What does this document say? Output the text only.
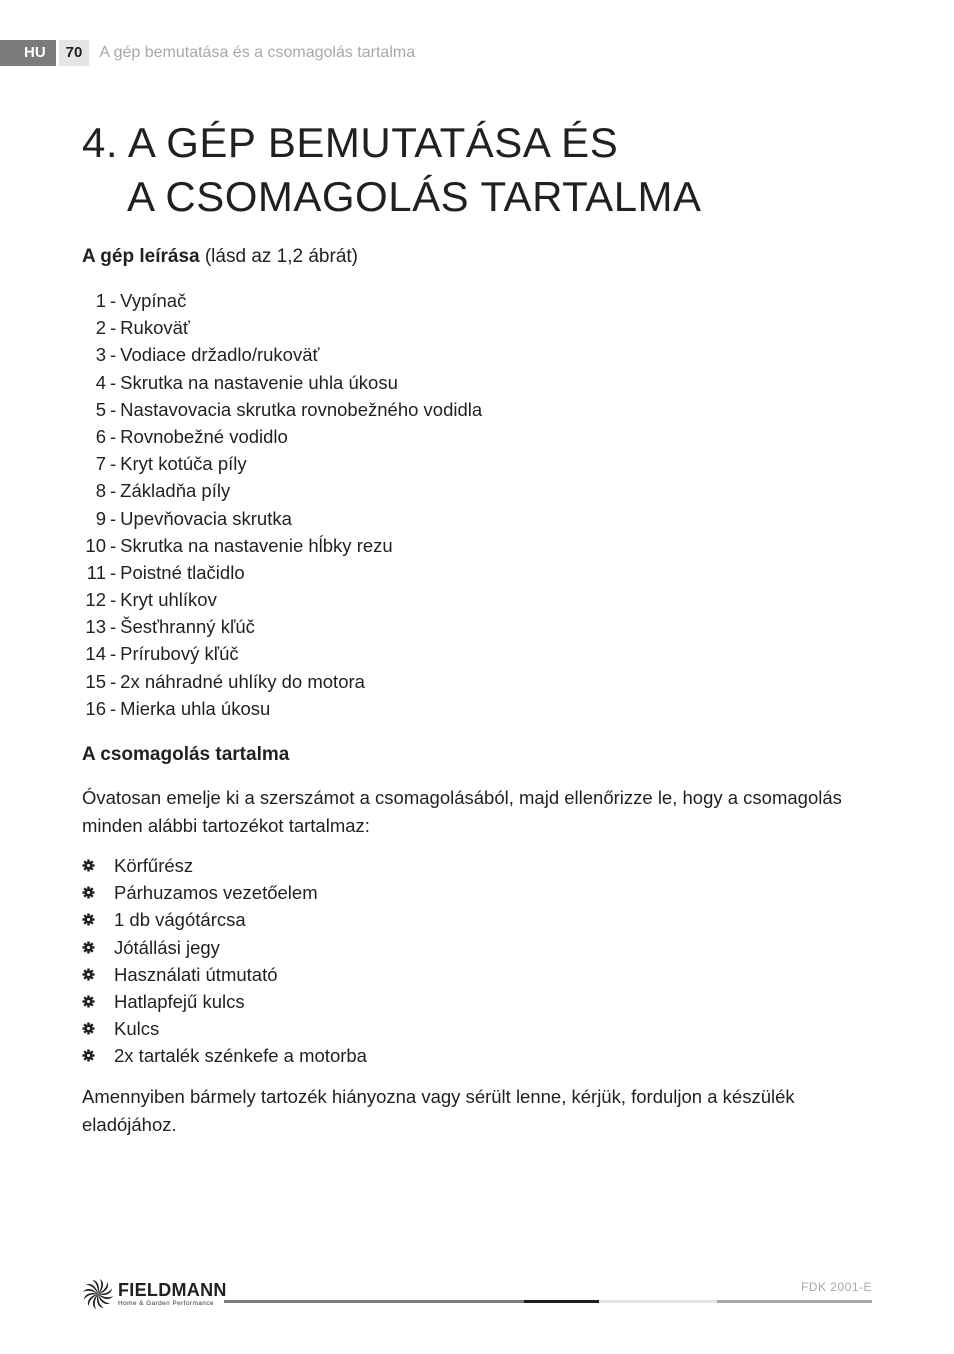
HU	70	A gép bemutatása és a csomagolás tartalma
4. A GÉP BEMUTATÁSA ÉS
A CSOMAGOLÁS TARTALMA
A gép leírása (lásd az 1,2 ábrát)
1 - Vypínač
2 - Rukoväť
3 - Vodiace držadlo/rukoväť
4 - Skrutka na nastavenie uhla úkosu
5 - Nastavovacia skrutka rovnobežného vodidla
6 - Rovnobežné vodidlo
7 - Kryt kotúča píly
8 - Základňa píly
9 - Upevňovacia skrutka
10 - Skrutka na nastavenie hĺbky rezu
11 - Poistné tlačidlo
12 - Kryt uhlíkov
13 - Šesťhranný kľúč
14 - Prírubový kľúč
15 - 2x náhradné uhlíky do motora
16 - Mierka uhla úkosu
A csomagolás tartalma

Óvatosan emelje ki a szerszámot a csomagolásából, majd ellenőrizze le, hogy a csomagolás minden alábbi tartozékot tartalmaz:

Körfűrész
Párhuzamos vezetőelem
1 db vágótárcsa
Jótállási jegy
Használati útmutató
Hatlapfejű kulcs
Kulcs
2x tartalék szénkefe a motorba

Amennyiben bármely tartozék hiányozna vagy sérült lenne, kérjük, forduljon a készülék eladójához.

FIELDMANN
Home & Garden Performance
FDK 2001-E
